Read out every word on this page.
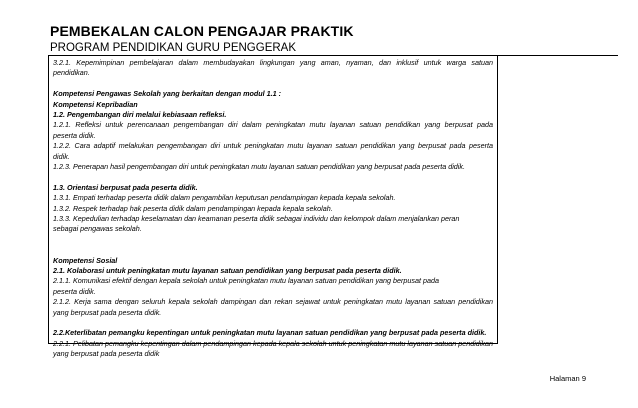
PEMBEKALAN CALON PENGAJAR PRAKTIK
PROGRAM PENDIDIKAN GURU PENGGERAK
3.2.1. Kepemimpinan pembelajaran dalam membudayakan lingkungan yang aman, nyaman, dan inklusif untuk warga satuan
pendidikan.
Kompetensi Pengawas Sekolah yang berkaitan dengan modul 1.1 :
Kompetensi Kepribadian
1.2. Pengembangan diri melalui kebiasaan refleksi.
1.2.1. Refleksi untuk perencanaan pengembangan diri dalam peningkatan mutu layanan satuan pendidikan yang berpusat pada
peserta didik.
1.2.2. Cara adaptif melakukan pengembangan diri untuk peningkatan mutu layanan satuan pendidikan yang berpusat pada peserta
didik.
1.2.3. Penerapan hasil pengembangan diri untuk peningkatan mutu layanan satuan pendidikan yang berpusat pada peserta didik.
1.3. Orientasi berpusat pada peserta didik.
1.3.1. Empati terhadap peserta didik dalam pengambilan keputusan pendampingan kepada kepala sekolah.
1.3.2. Respek terhadap hak peserta didik dalam pendampingan kepada kepala sekolah.
1.3.3. Kepedulian terhadap keselamatan dan keamanan peserta didik sebagai individu dan kelompok dalam menjalankan peran
sebagai pengawas sekolah.
Kompetensi Sosial
2.1. Kolaborasi untuk peningkatan mutu layanan satuan pendidikan yang berpusat pada peserta didik.
2.1.1. Komunikasi efektif dengan kepala sekolah untuk peningkatan mutu layanan satuan pendidikan yang berpusat pada
peserta didik.
2.1.2. Kerja sama dengan seluruh kepala sekolah dampingan dan rekan sejawat untuk peningkatan mutu layanan satuan pendidikan
yang berpusat pada peserta didik.
2.2.Keterlibatan pemangku kepentingan untuk peningkatan mutu layanan satuan pendidikan yang berpusat pada peserta didik.
2.2.1. Pelibatan pemangku kepentingan dalam pendampingan kepada kepala sekolah untuk peningkatan mutu layanan satuan pendidikan
yang berpusat pada peserta didik
Halaman 9
